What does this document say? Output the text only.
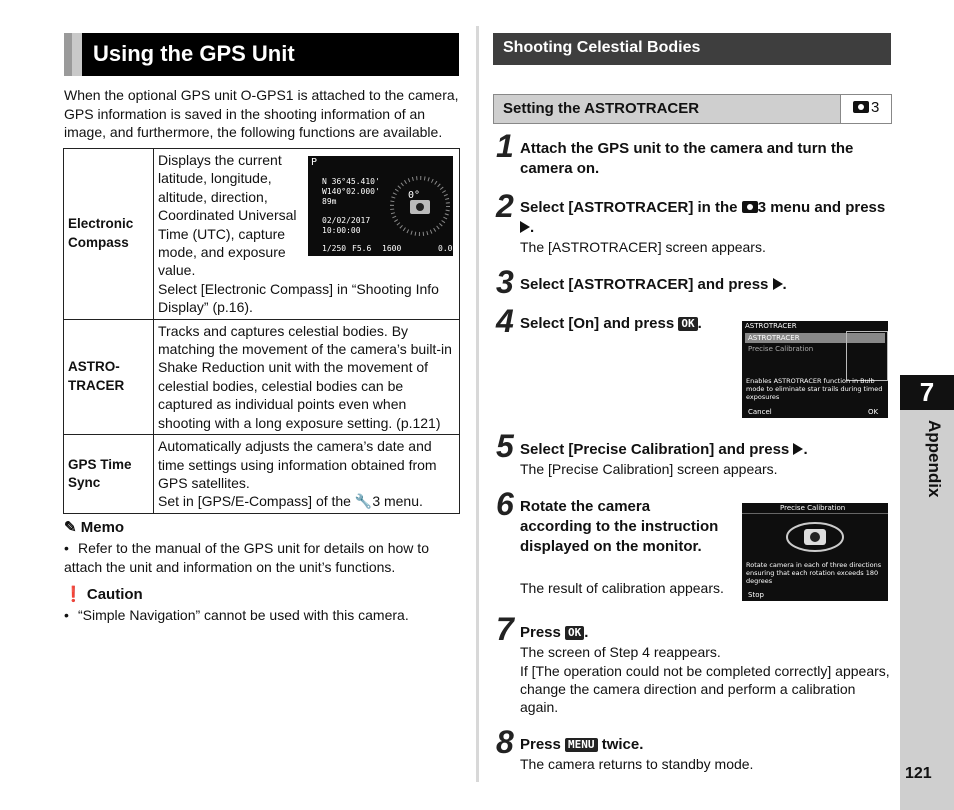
Using the GPS Unit
When the optional GPS unit O-GPS1 is attached to the camera, GPS information is saved in the shooting information of an image, and furthermore, the following functions are available.
Electronic Compass	Displays the current latitude, longitude, altitude, direction, Coordinated Universal Time (UTC), capture mode, and exposure value.
Select [Electronic Compass] in “Shooting Info Display” (p.16).

ASTRO-TRACER	Tracks and captures celestial bodies. By matching the movement of the camera’s built-in Shake Reduction unit with the movement of celestial bodies, celestial bodies can be captured as individual points even when shooting with a long exposure setting. (p.121)
GPS Time Sync	Automatically adjusts the camera’s date and time settings using information obtained from GPS satellites.
Set in [GPS/E-Compass] of the 🔧3 menu.
P
N 36°45.410'
W140°02.000'
89m
02/02/2017
10:00:00
0°
1/250 F5.6 1600	0.0
✎ Memo
• Refer to the manual of the GPS unit for details on how to attach the unit and information on the unit’s functions.
❗ Caution
• “Simple Navigation” cannot be used with this camera.
Shooting Celestial Bodies
Setting the ASTROTRACER	3
1 Attach the GPS unit to the camera and turn the camera on.
2 Select [ASTROTRACER] in the 3 menu and press .
The [ASTROTRACER] screen appears.
3 Select [ASTROTRACER] and press .
4 Select [On] and press OK .	ASTROTRACER
ASTROTRACER
Precise Calibration
Enables ASTROTRACER function in Bulb mode to eliminate star trails during timed exposures
Cancel	OK
5 Select [Precise Calibration] and press .
The [Precise Calibration] screen appears.
6 Rotate the camera according to the instruction displayed on the monitor.
The result of calibration appears.
Precise Calibration
Rotate camera in each of three directions ensuring that each rotation exceeds 180 degrees
Stop
7 Press OK .
The screen of Step 4 reappears.
If [The operation could not be completed correctly] appears, change the camera direction and perform a calibration again.
8 Press MENU twice.
The camera returns to standby mode.
7
Appendix
121
